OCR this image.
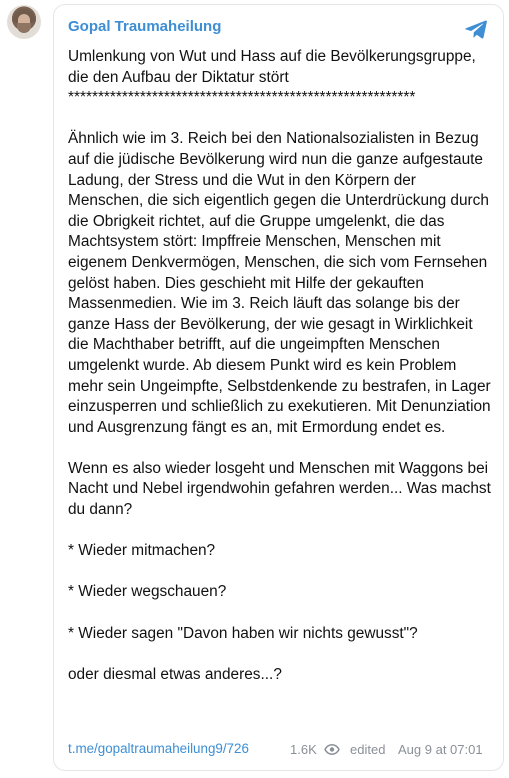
Gopal Traumaheilung

Umlenkung von Wut und Hass auf die Bevölkerungsgruppe, die den Aufbau der Diktatur stört
**********************************************************

Ähnlich wie im 3. Reich bei den Nationalsozialisten in Bezug auf die jüdische Bevölkerung wird nun die ganze aufgestaute Ladung, der Stress und die Wut in den Körpern der Menschen, die sich eigentlich gegen die Unterdrückung durch die Obrigkeit richtet, auf die Gruppe umgelenkt, die das Machtsystem stört: Impffreie Menschen, Menschen mit eigenem Denkvermögen, Menschen, die sich vom Fernsehen gelöst haben. Dies geschieht mit Hilfe der gekauften Massenmedien. Wie im 3. Reich läuft das solange bis der ganze Hass der Bevölkerung, der wie gesagt in Wirklichkeit die Machthaber betrifft, auf die ungeimpften Menschen umgelenkt wurde. Ab diesem Punkt wird es kein Problem mehr sein Ungeimpfte, Selbstdenkende zu bestrafen, in Lager einzusperren und schließlich zu exekutieren. Mit Denunziation und Ausgrenzung fängt es an, mit Ermordung endet es.

Wenn es also wieder losgeht und Menschen mit Waggons bei Nacht und Nebel irgendwohin gefahren werden... Was machst du dann?

* Wieder mitmachen?

* Wieder wegschauen?

* Wieder sagen "Davon haben wir nichts gewusst"?

oder diesmal etwas anderes...?

t.me/gopaltraumaheilung9/726	1.6K	edited Aug 9 at 07:01
